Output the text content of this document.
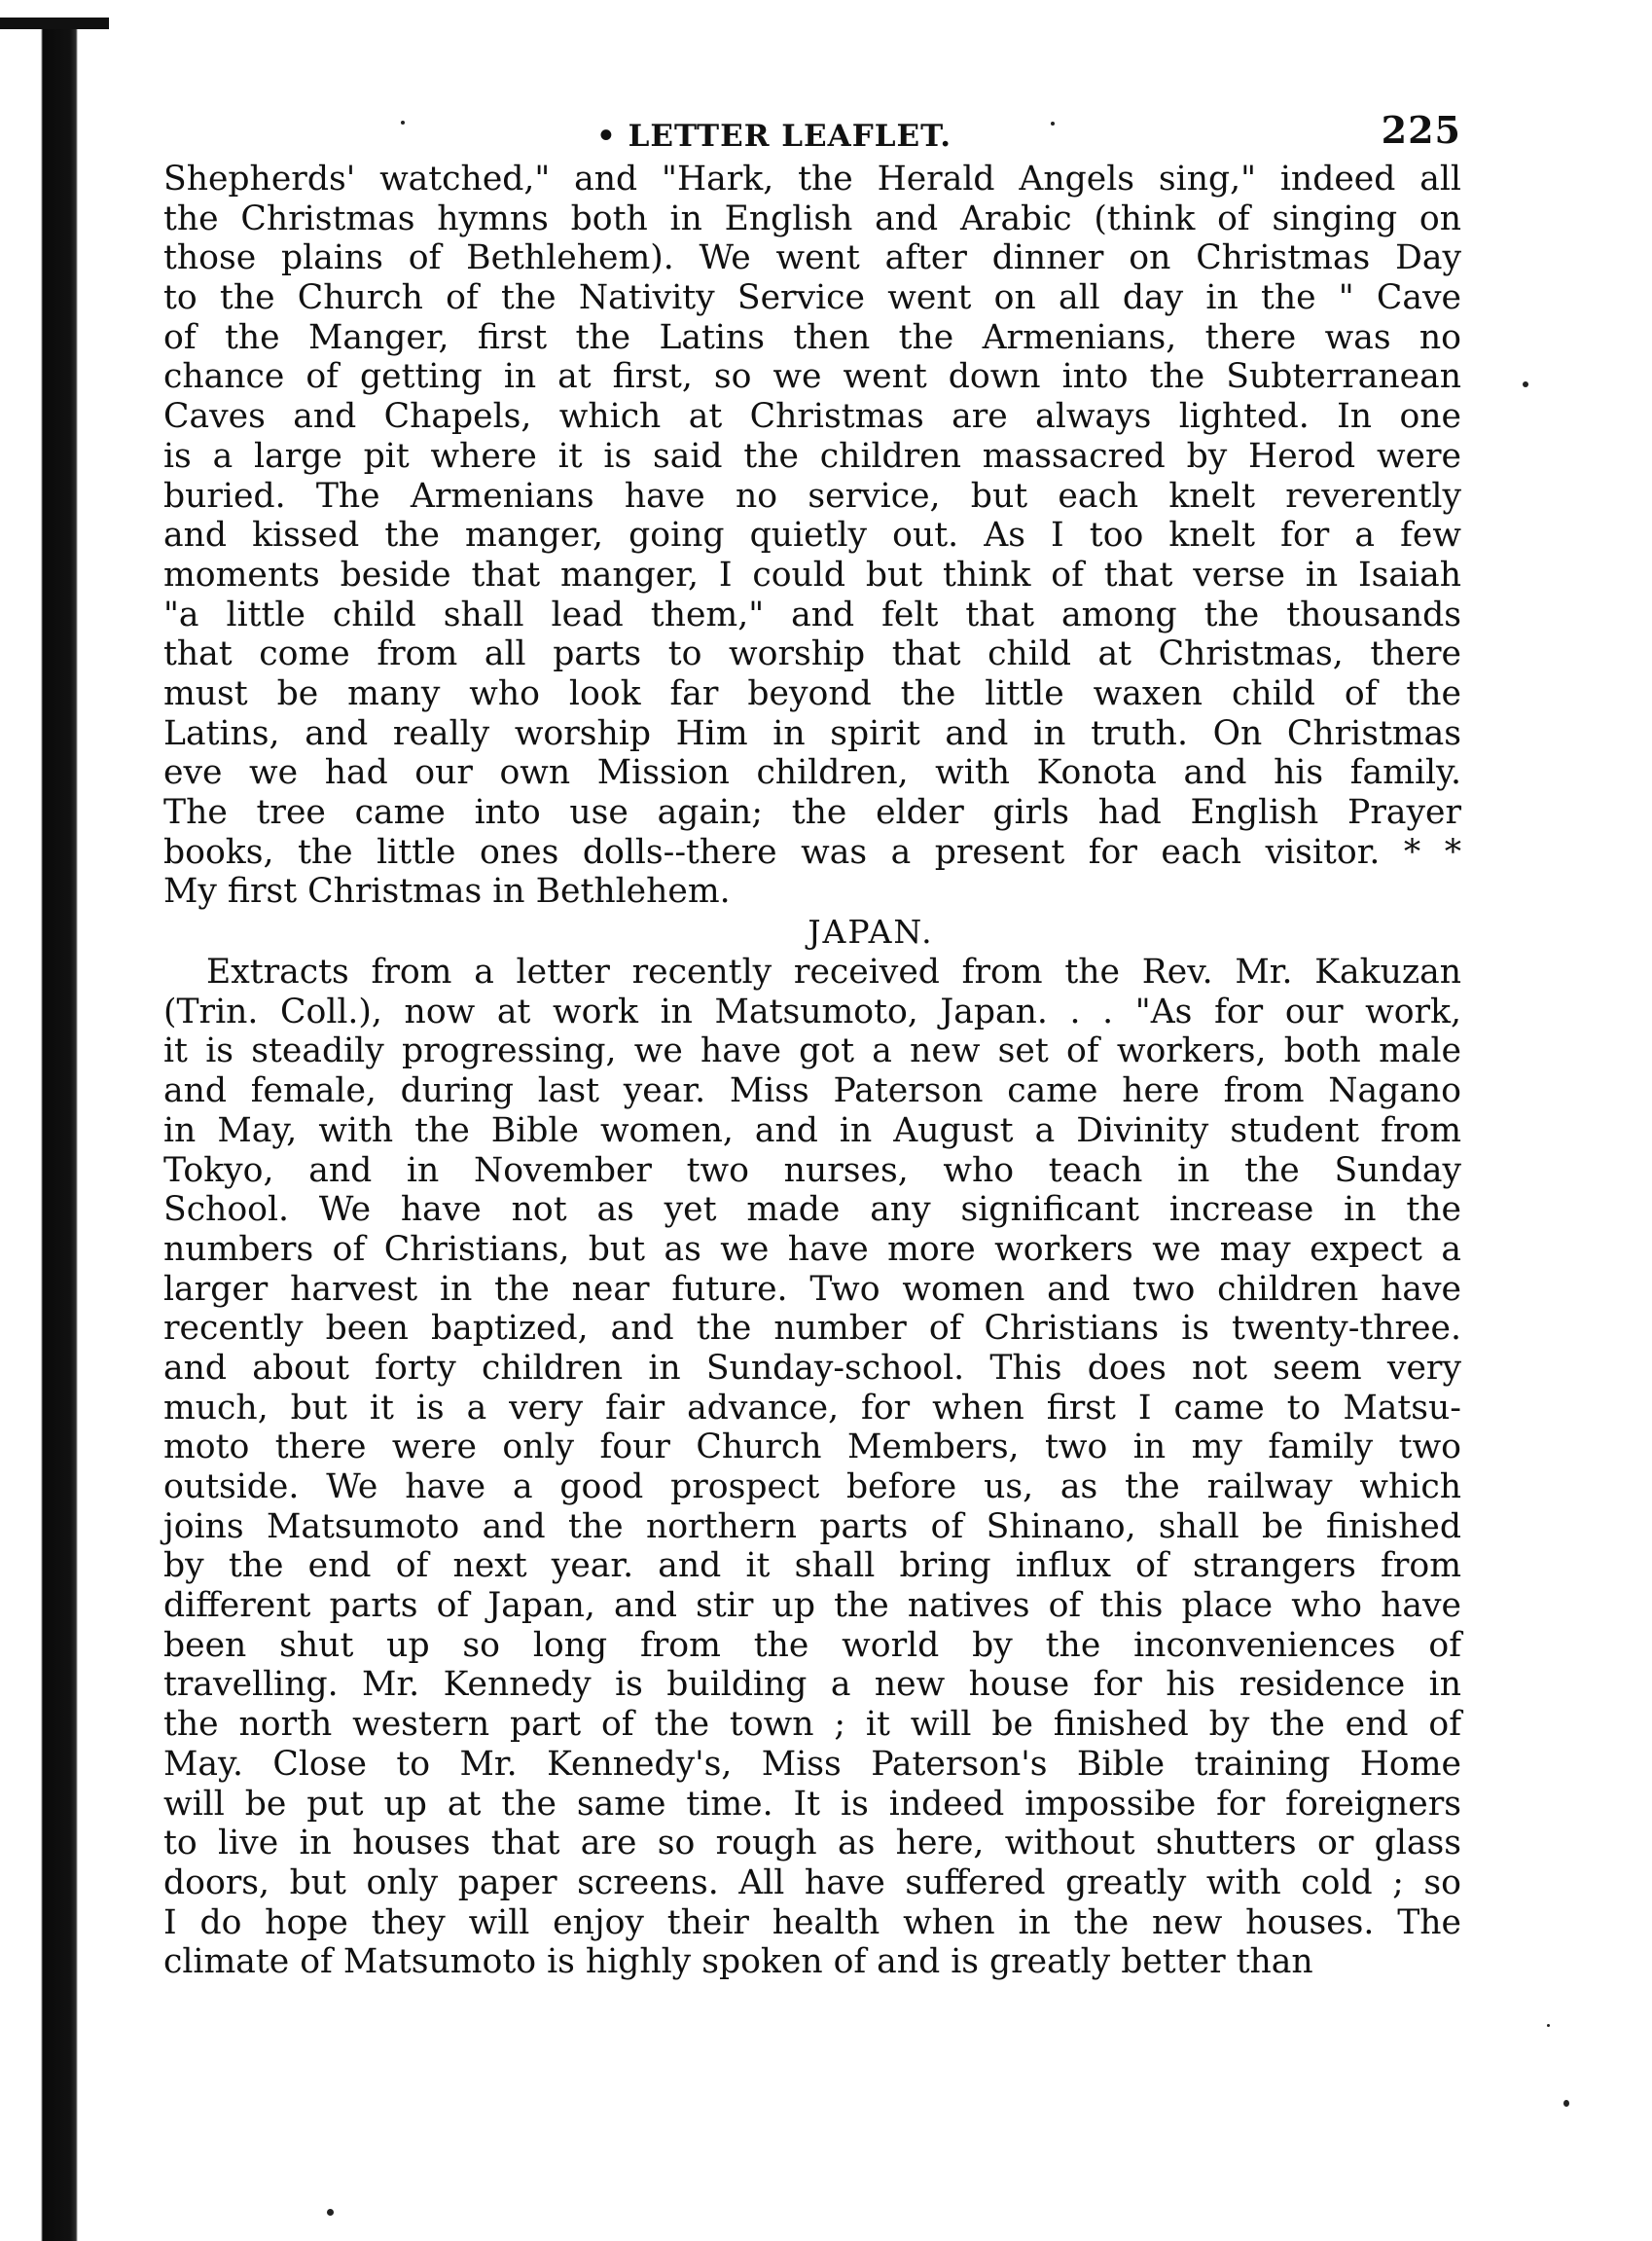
• LETTER LEAFLET.	225
Shepherds' watched," and "Hark, the Herald Angels sing," indeed all
the Christmas hymns both in English and Arabic (think of singing on
those plains of Bethlehem). We went after dinner on Christmas Day
to the Church of the Nativity Service went on all day in the " Cave
of the Manger, first the Latins then the Armenians, there was no
chance of getting in at first, so we went down into the Subterranean
Caves and Chapels, which at Christmas are always lighted. In one
is a large pit where it is said the children massacred by Herod were
buried. The Armenians have no service, but each knelt reverently
and kissed the manger, going quietly out. As I too knelt for a few
moments beside that manger, I could but think of that verse in Isaiah
"a little child shall lead them," and felt that among the thousands
that come from all parts to worship that child at Christmas, there
must be many who look far beyond the little waxen child of the
Latins, and really worship Him in spirit and in truth. On Christmas
eve we had our own Mission children, with Konota and his family.
The tree came into use again; the elder girls had English Prayer
books, the little ones dolls--there was a present for each visitor. * *
My first Christmas in Bethlehem.
JAPAN.
Extracts from a letter recently received from the Rev. Mr. Kakuzan
(Trin. Coll.), now at work in Matsumoto, Japan. . . "As for our work,
it is steadily progressing, we have got a new set of workers, both male
and female, during last year. Miss Paterson came here from Nagano
in May, with the Bible women, and in August a Divinity student from
Tokyo, and in November two nurses, who teach in the Sunday
School. We have not as yet made any significant increase in the
numbers of Christians, but as we have more workers we may expect a
larger harvest in the near future. Two women and two children have
recently been baptized, and the number of Christians is twenty-three.
and about forty children in Sunday-school. This does not seem very
much, but it is a very fair advance, for when first I came to Matsu-
moto there were only four Church Members, two in my family two
outside. We have a good prospect before us, as the railway which
joins Matsumoto and the northern parts of Shinano, shall be finished
by the end of next year. and it shall bring influx of strangers from
different parts of Japan, and stir up the natives of this place who have
been shut up so long from the world by the inconveniences of
travelling. Mr. Kennedy is building a new house for his residence in
the north western part of the town ; it will be finished by the end of
May. Close to Mr. Kennedy's, Miss Paterson's Bible training Home
will be put up at the same time. It is indeed impossibe for foreigners
to live in houses that are so rough as here, without shutters or glass
doors, but only paper screens. All have suffered greatly with cold ; so
I do hope they will enjoy their health when in the new houses. The
climate of Matsumoto is highly spoken of and is greatly better than
